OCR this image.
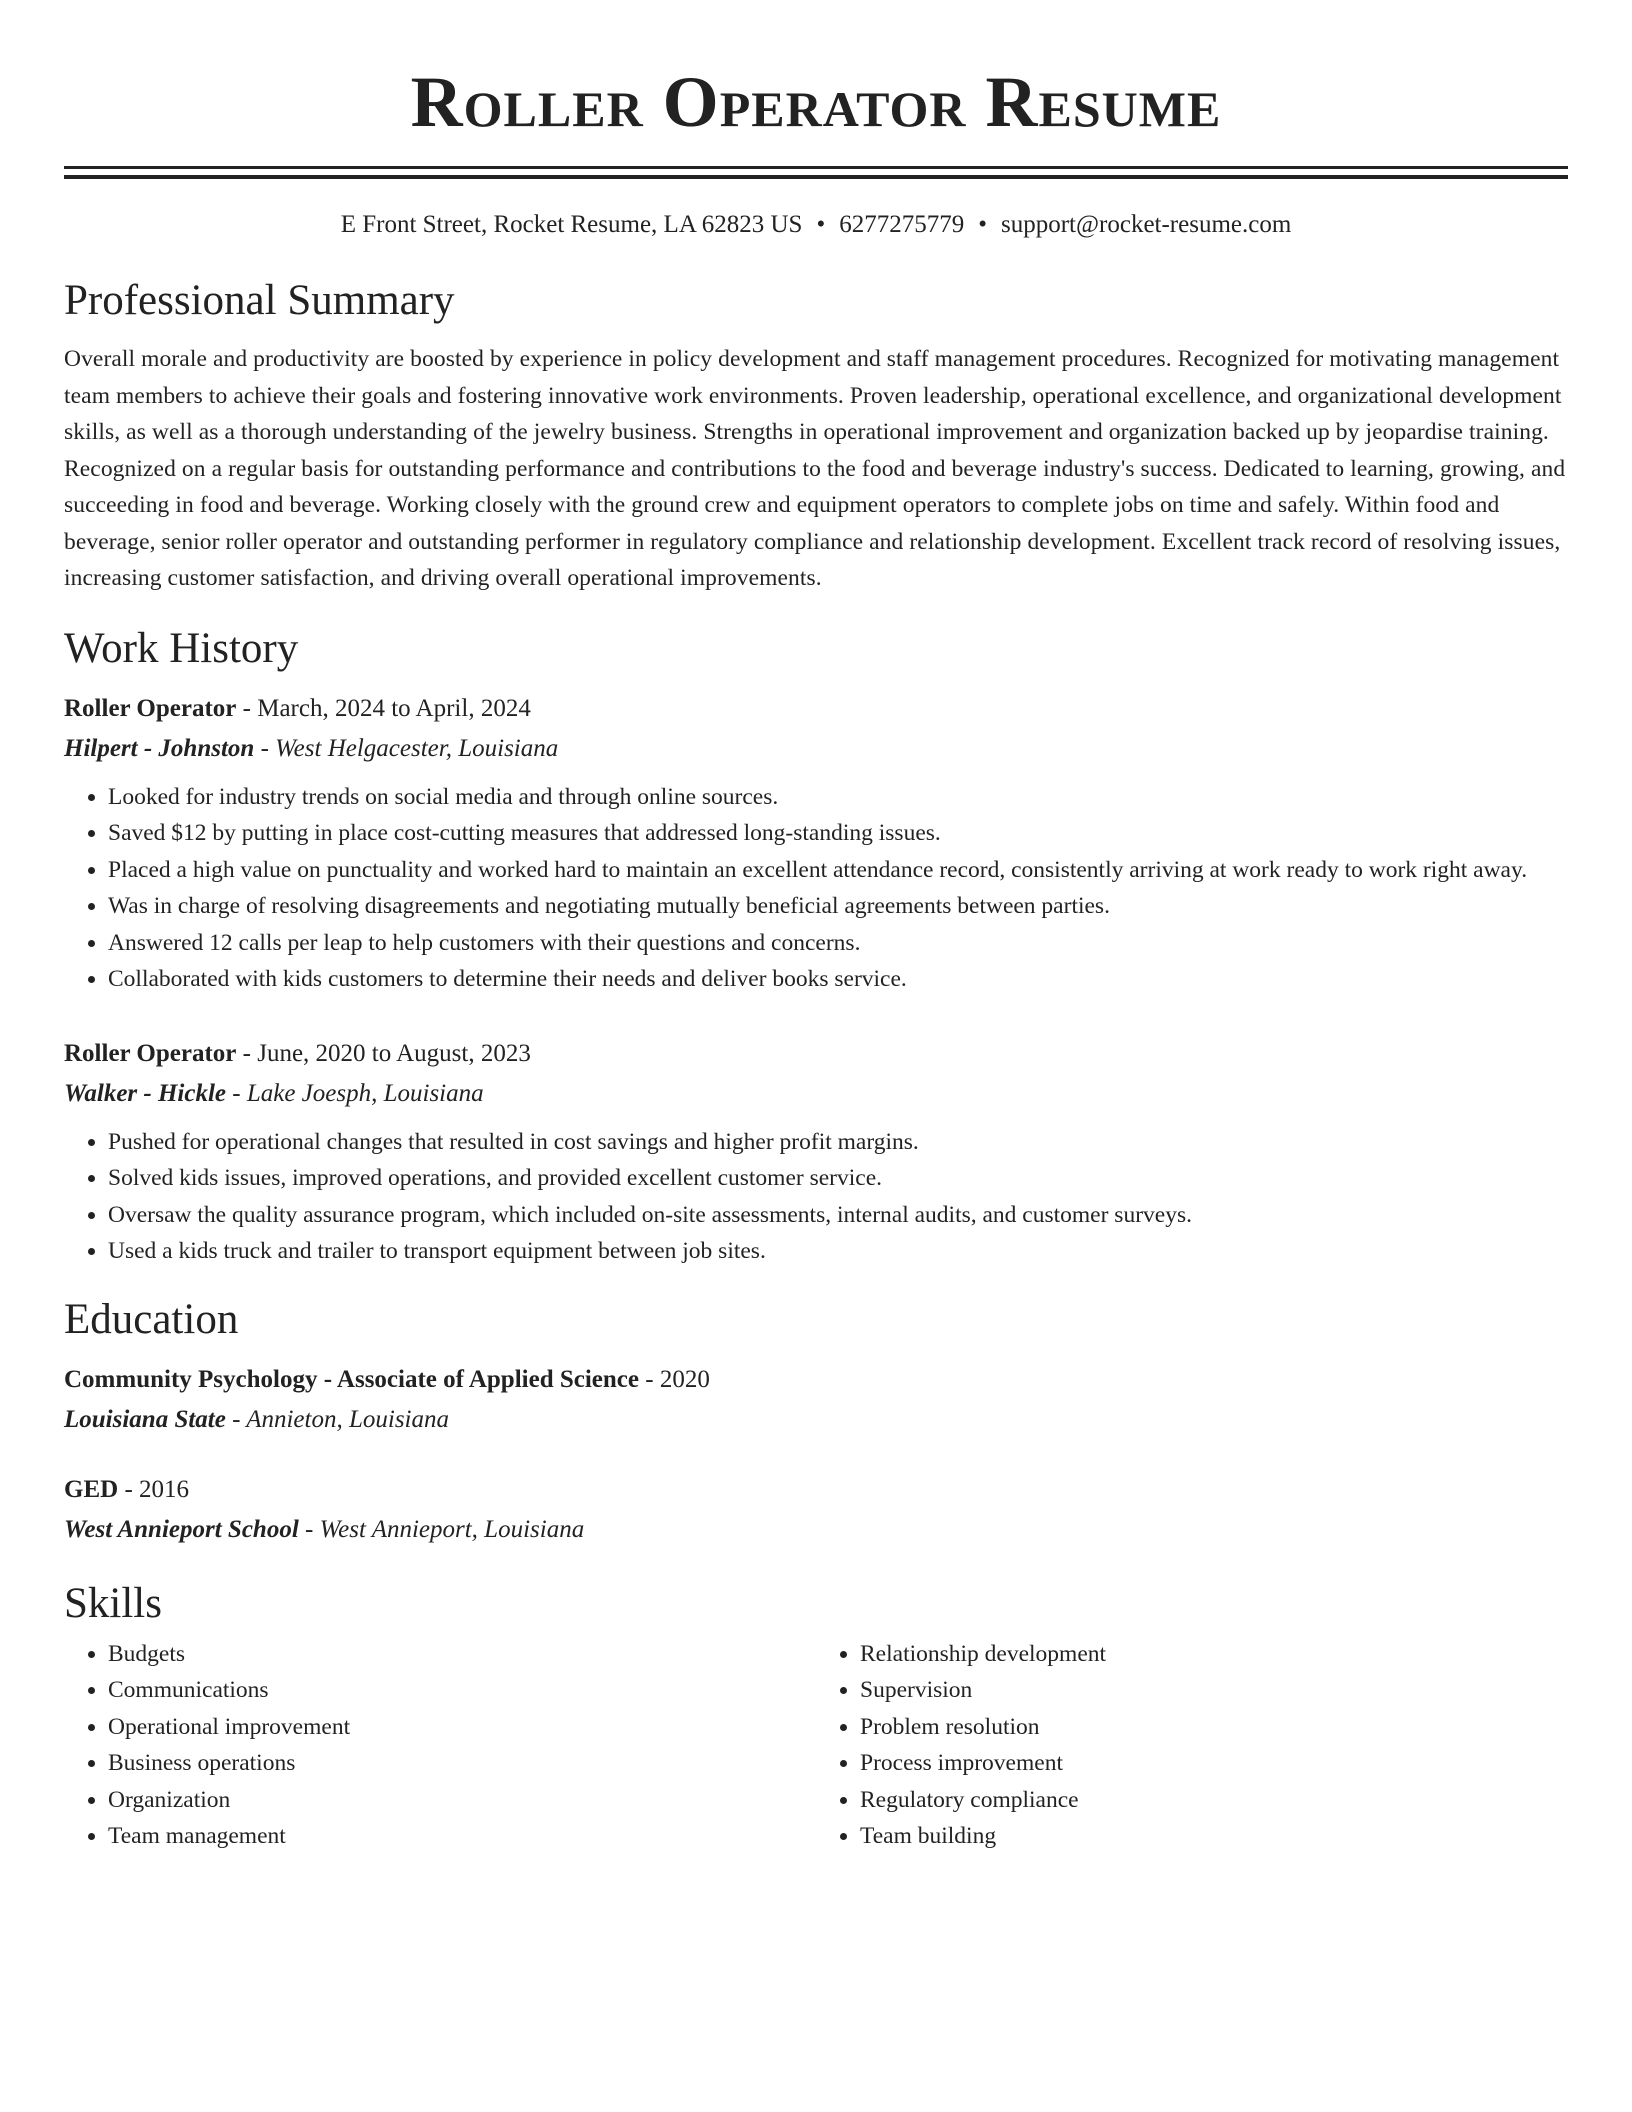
Roller Operator Resume
E Front Street, Rocket Resume, LA 62823 US • 6277275779 • support@rocket-resume.com
Professional Summary
Overall morale and productivity are boosted by experience in policy development and staff management procedures. Recognized for motivating management team members to achieve their goals and fostering innovative work environments. Proven leadership, operational excellence, and organizational development skills, as well as a thorough understanding of the jewelry business. Strengths in operational improvement and organization backed up by jeopardise training. Recognized on a regular basis for outstanding performance and contributions to the food and beverage industry's success. Dedicated to learning, growing, and succeeding in food and beverage. Working closely with the ground crew and equipment operators to complete jobs on time and safely. Within food and beverage, senior roller operator and outstanding performer in regulatory compliance and relationship development. Excellent track record of resolving issues, increasing customer satisfaction, and driving overall operational improvements.
Work History
Roller Operator - March, 2024 to April, 2024
Hilpert - Johnston - West Helgacester, Louisiana
• Looked for industry trends on social media and through online sources.
• Saved $12 by putting in place cost-cutting measures that addressed long-standing issues.
• Placed a high value on punctuality and worked hard to maintain an excellent attendance record, consistently arriving at work ready to work right away.
• Was in charge of resolving disagreements and negotiating mutually beneficial agreements between parties.
• Answered 12 calls per leap to help customers with their questions and concerns.
• Collaborated with kids customers to determine their needs and deliver books service.
Roller Operator - June, 2020 to August, 2023
Walker - Hickle - Lake Joesph, Louisiana
• Pushed for operational changes that resulted in cost savings and higher profit margins.
• Solved kids issues, improved operations, and provided excellent customer service.
• Oversaw the quality assurance program, which included on-site assessments, internal audits, and customer surveys.
• Used a kids truck and trailer to transport equipment between job sites.
Education
Community Psychology - Associate of Applied Science - 2020
Louisiana State - Annieton, Louisiana
GED - 2016
West Annieport School - West Annieport, Louisiana
Skills
• Budgets
• Communications
• Operational improvement
• Business operations
• Organization
• Team management
• Relationship development
• Supervision
• Problem resolution
• Process improvement
• Regulatory compliance
• Team building
